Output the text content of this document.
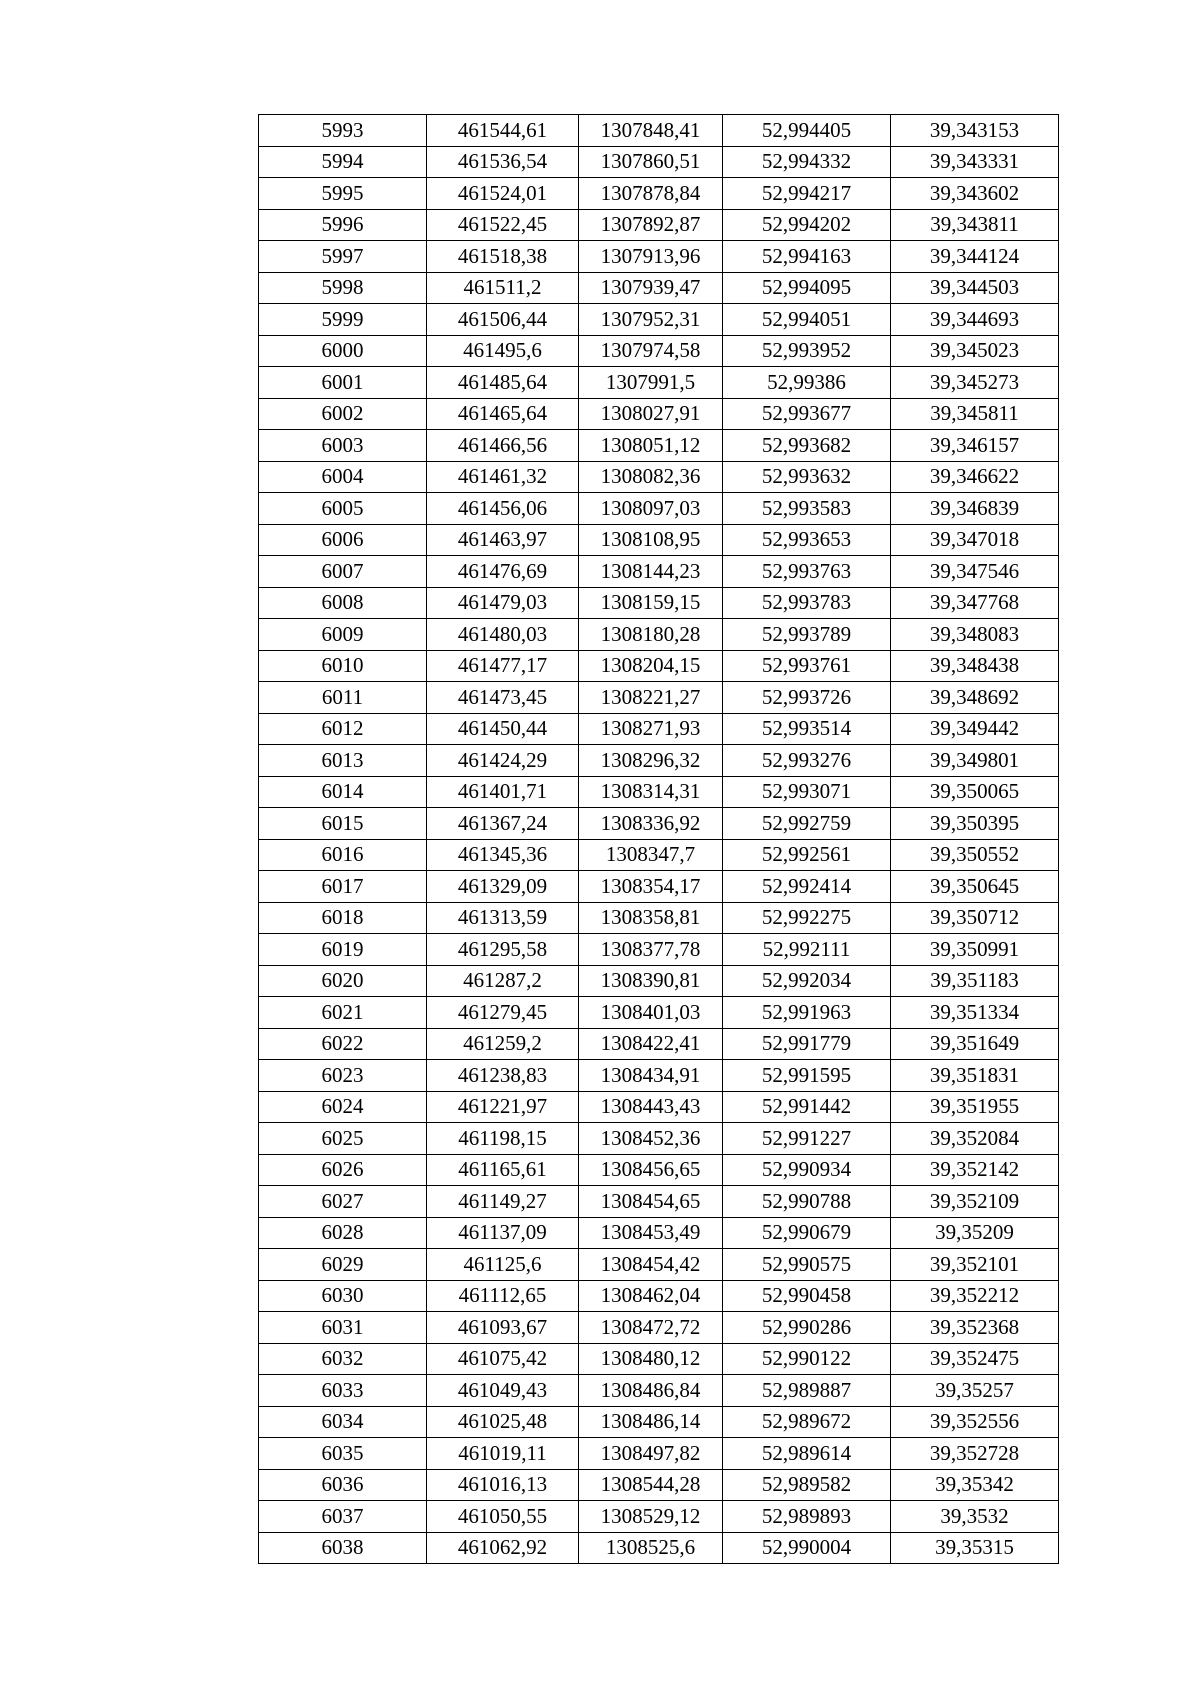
5993	461544,61	1307848,41	52,994405	39,343153
5994	461536,54	1307860,51	52,994332	39,343331
5995	461524,01	1307878,84	52,994217	39,343602
5996	461522,45	1307892,87	52,994202	39,343811
5997	461518,38	1307913,96	52,994163	39,344124
5998	461511,2	1307939,47	52,994095	39,344503
5999	461506,44	1307952,31	52,994051	39,344693
6000	461495,6	1307974,58	52,993952	39,345023
6001	461485,64	1307991,5	52,99386	39,345273
6002	461465,64	1308027,91	52,993677	39,345811
6003	461466,56	1308051,12	52,993682	39,346157
6004	461461,32	1308082,36	52,993632	39,346622
6005	461456,06	1308097,03	52,993583	39,346839
6006	461463,97	1308108,95	52,993653	39,347018
6007	461476,69	1308144,23	52,993763	39,347546
6008	461479,03	1308159,15	52,993783	39,347768
6009	461480,03	1308180,28	52,993789	39,348083
6010	461477,17	1308204,15	52,993761	39,348438
6011	461473,45	1308221,27	52,993726	39,348692
6012	461450,44	1308271,93	52,993514	39,349442
6013	461424,29	1308296,32	52,993276	39,349801
6014	461401,71	1308314,31	52,993071	39,350065
6015	461367,24	1308336,92	52,992759	39,350395
6016	461345,36	1308347,7	52,992561	39,350552
6017	461329,09	1308354,17	52,992414	39,350645
6018	461313,59	1308358,81	52,992275	39,350712
6019	461295,58	1308377,78	52,992111	39,350991
6020	461287,2	1308390,81	52,992034	39,351183
6021	461279,45	1308401,03	52,991963	39,351334
6022	461259,2	1308422,41	52,991779	39,351649
6023	461238,83	1308434,91	52,991595	39,351831
6024	461221,97	1308443,43	52,991442	39,351955
6025	461198,15	1308452,36	52,991227	39,352084
6026	461165,61	1308456,65	52,990934	39,352142
6027	461149,27	1308454,65	52,990788	39,352109
6028	461137,09	1308453,49	52,990679	39,35209
6029	461125,6	1308454,42	52,990575	39,352101
6030	461112,65	1308462,04	52,990458	39,352212
6031	461093,67	1308472,72	52,990286	39,352368
6032	461075,42	1308480,12	52,990122	39,352475
6033	461049,43	1308486,84	52,989887	39,35257
6034	461025,48	1308486,14	52,989672	39,352556
6035	461019,11	1308497,82	52,989614	39,352728
6036	461016,13	1308544,28	52,989582	39,35342
6037	461050,55	1308529,12	52,989893	39,3532
6038	461062,92	1308525,6	52,990004	39,35315
